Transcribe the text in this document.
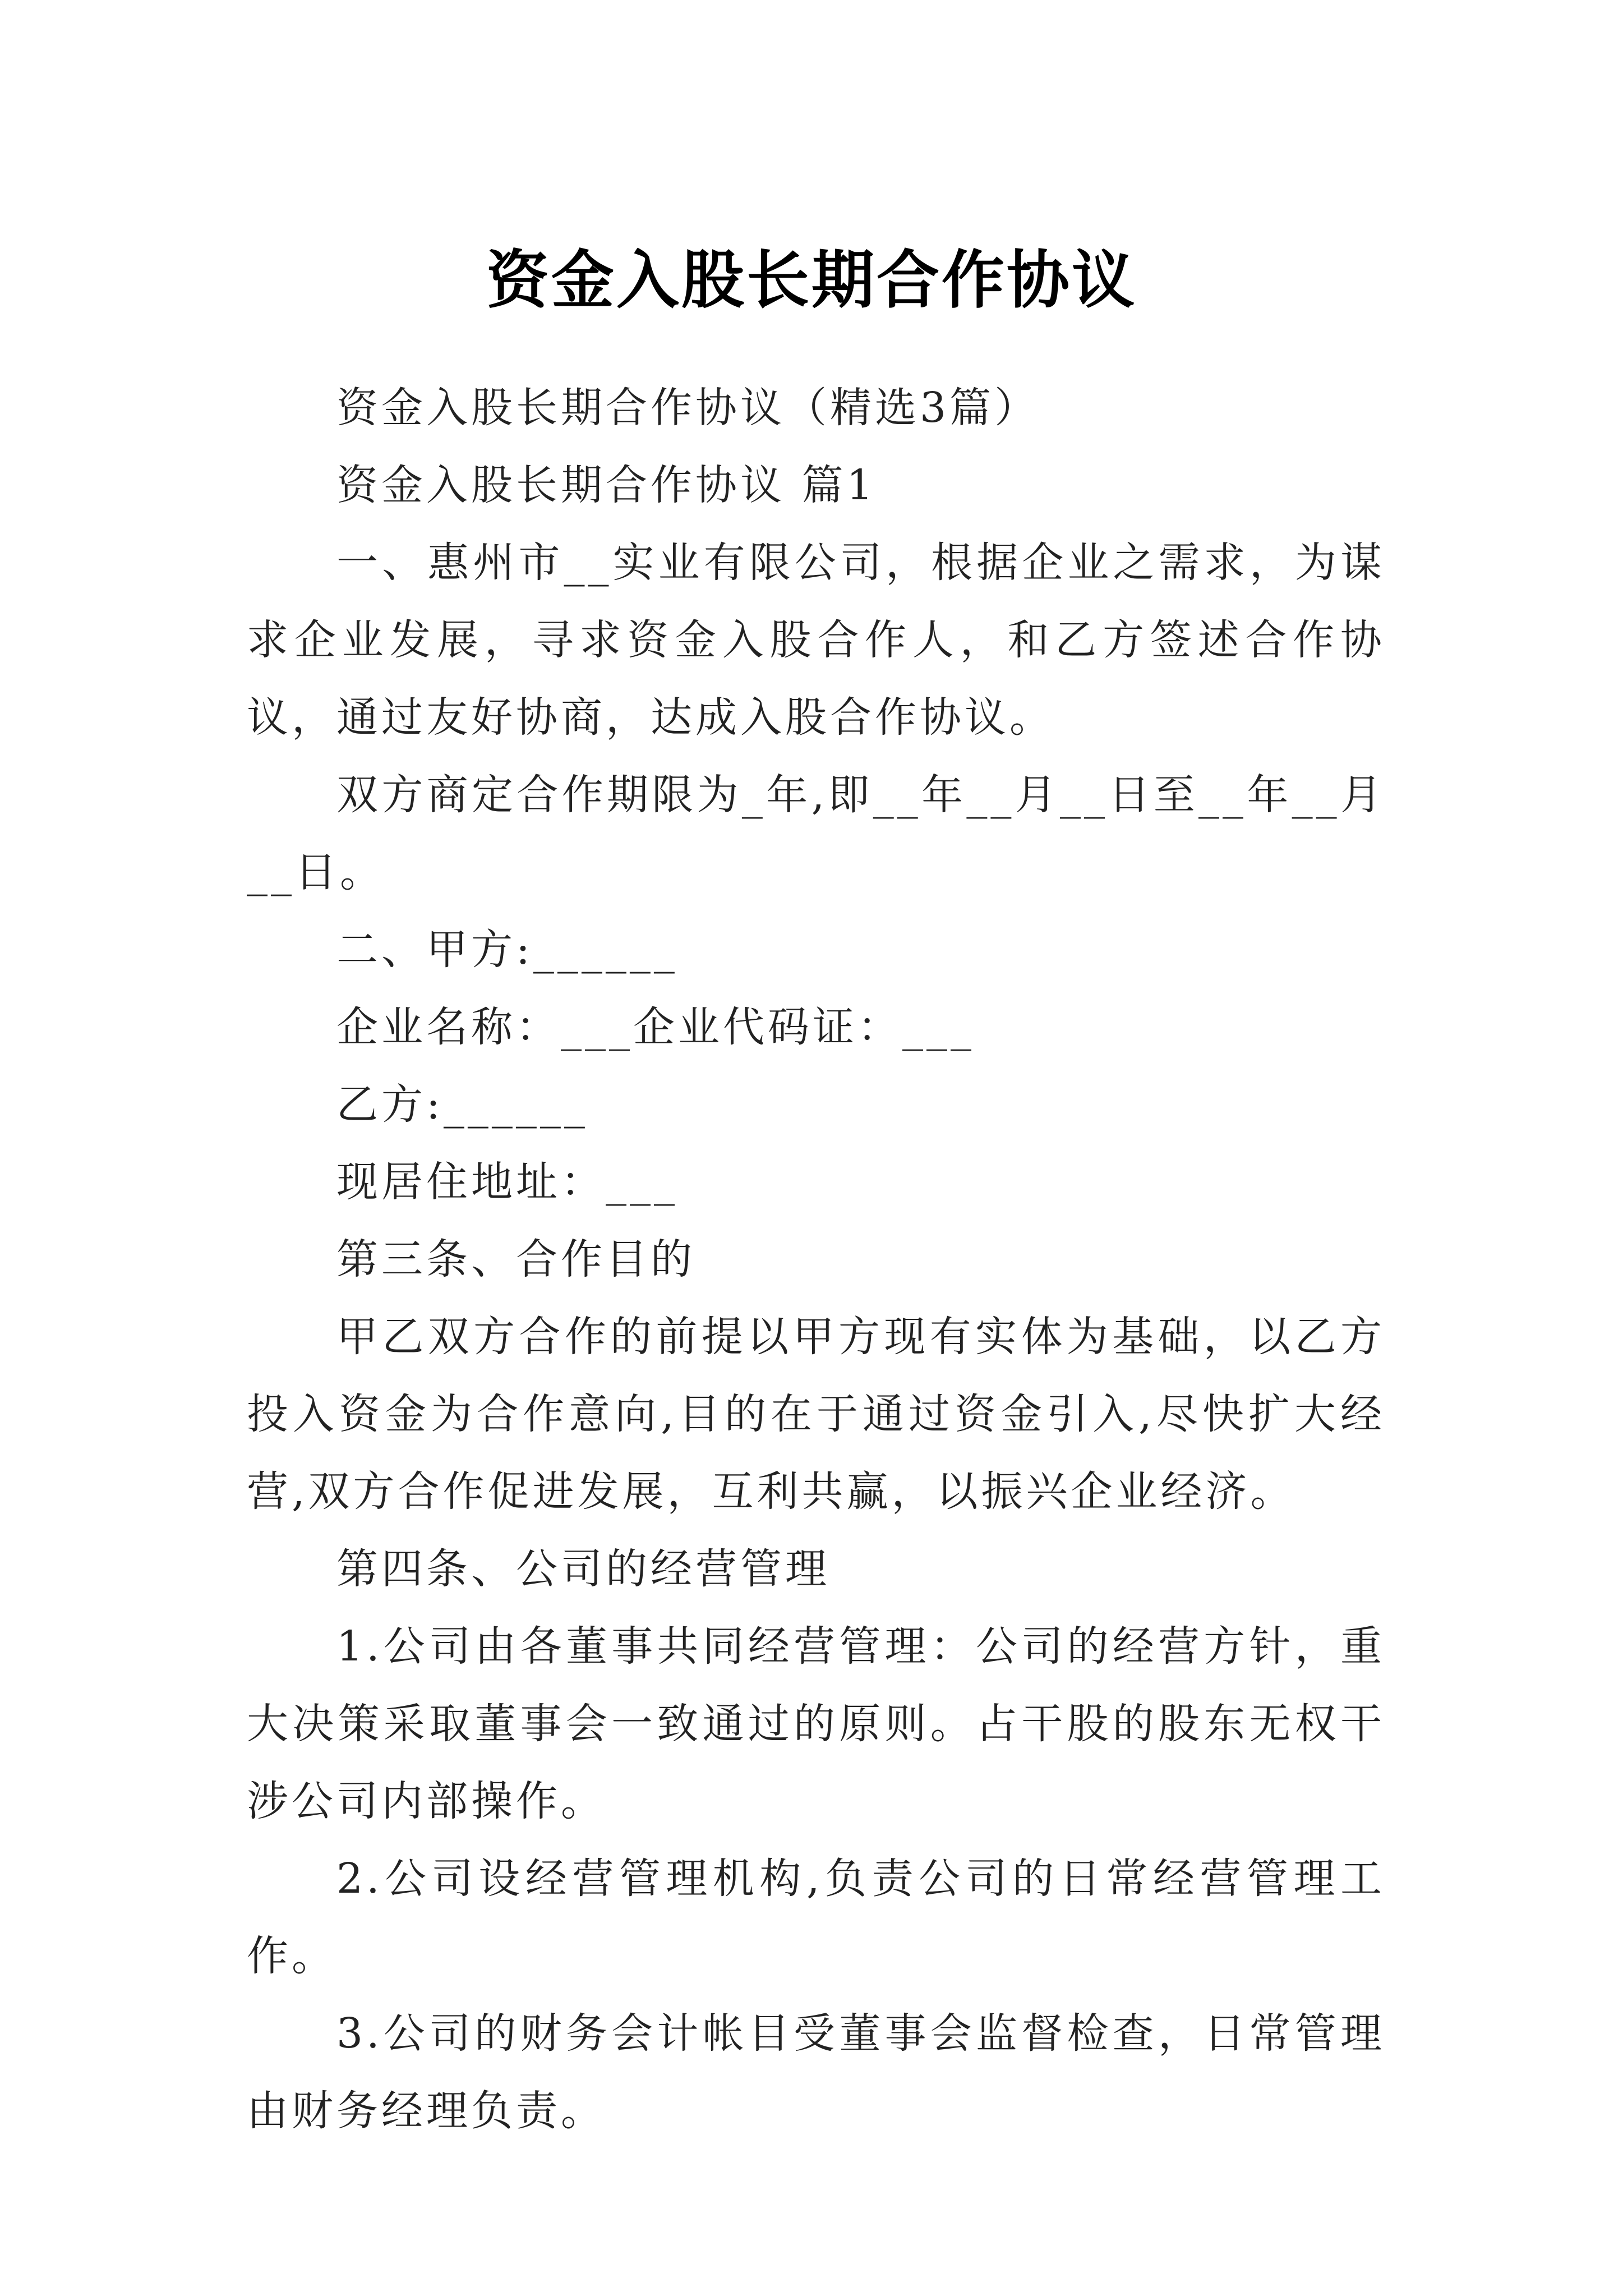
资金入股长期合作协议

资金入股长期合作协议（精选3篇）

资金入股长期合作协议 篇1

一、惠州市__实业有限公司，根据企业之需求，为谋求企业发展，寻求资金入股合作人，和乙方签述合作协议，通过友好协商，达成入股合作协议。

双方商定合作期限为_年,即__年__月__日至__年__月__日。

二、甲方:______

企业名称：___企业代码证：___

乙方:______

现居住地址：___

第三条、合作目的

甲乙双方合作的前提以甲方现有实体为基础，以乙方投入资金为合作意向,目的在于通过资金引入,尽快扩大经营,双方合作促进发展，互利共赢，以振兴企业经济。

第四条、公司的经营管理

1.公司由各董事共同经营管理：公司的经营方针，重大决策采取董事会一致通过的原则。占干股的股东无权干涉公司内部操作。

2.公司设经营管理机构,负责公司的日常经营管理工作。

3.公司的财务会计帐目受董事会监督检查，日常管理由财务经理负责。
